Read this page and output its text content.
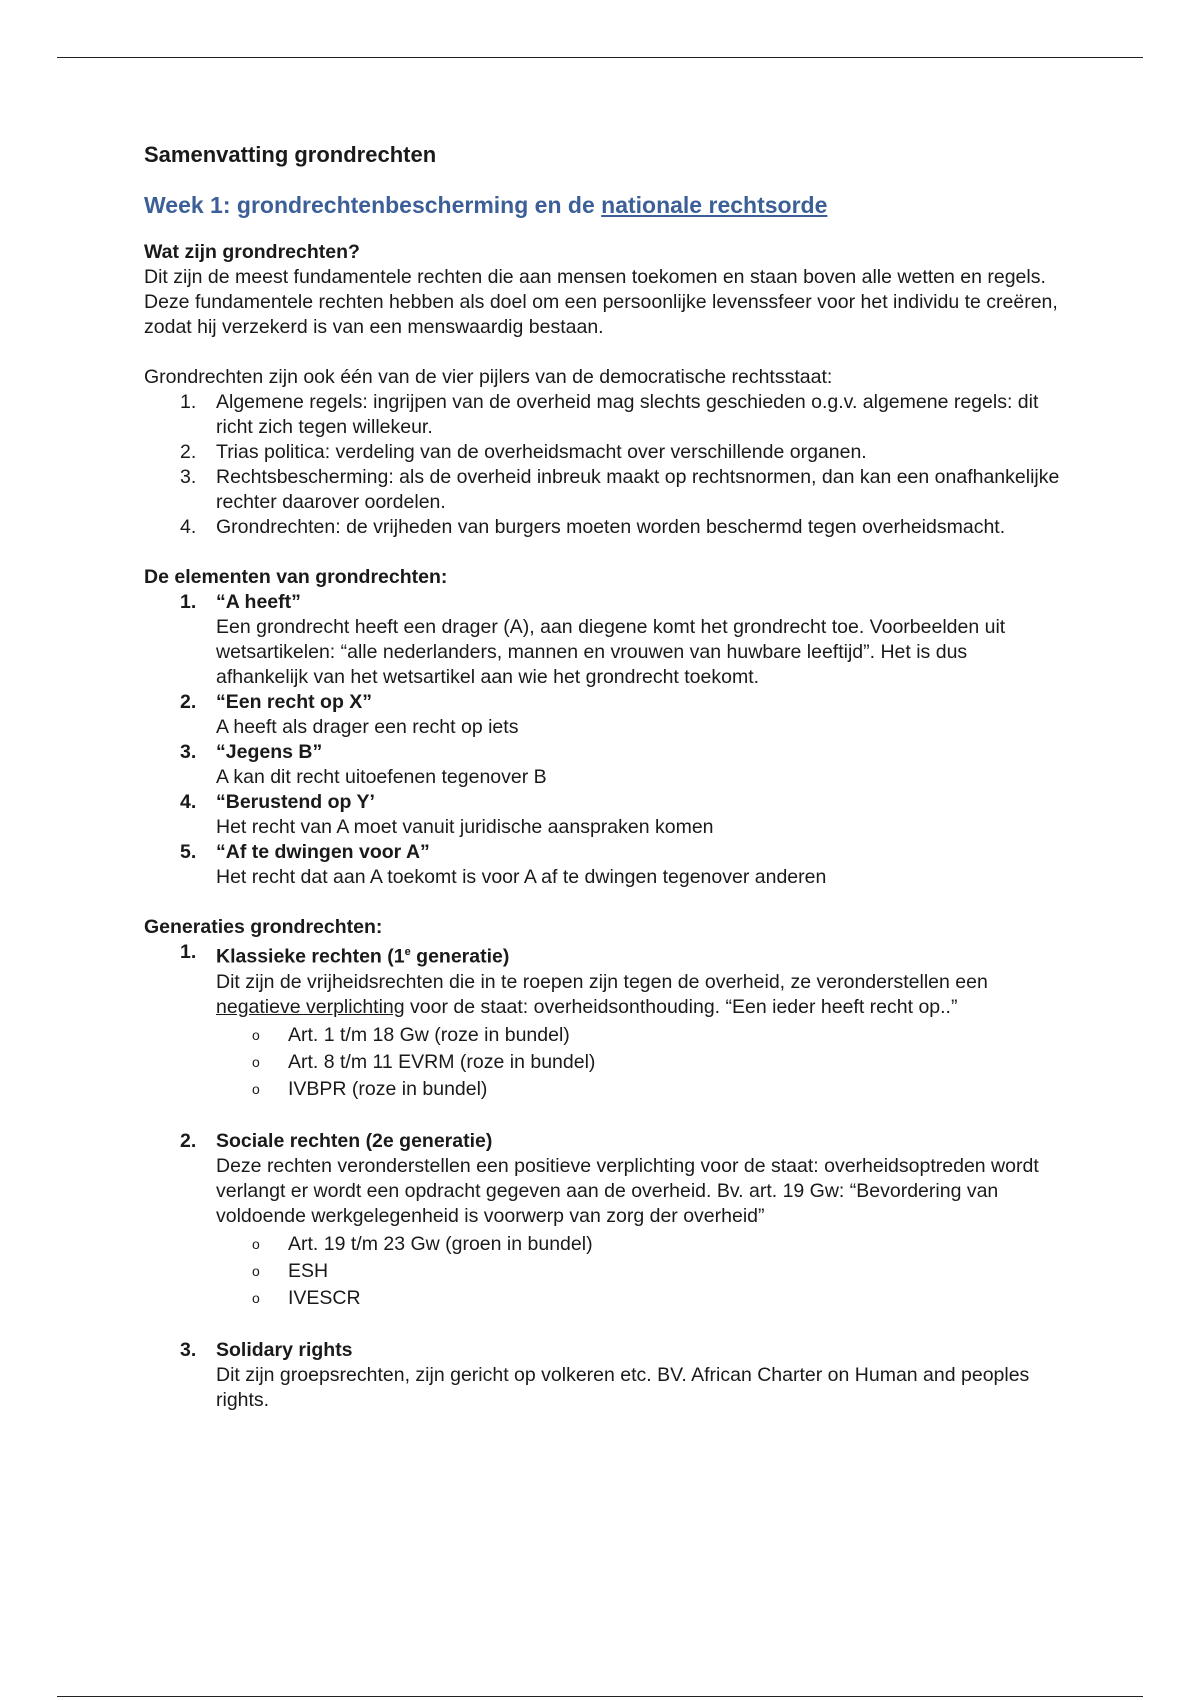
Samenvatting grondrechten
Week 1: grondrechtenbescherming en de nationale rechtsorde

Wat zijn grondrechten?

Dit zijn de meest fundamentele rechten die aan mensen toekomen en staan boven alle wetten en regels. Deze fundamentele rechten hebben als doel om een persoonlijke levenssfeer voor het individu te creëren, zodat hij verzekerd is van een menswaardig bestaan.

Grondrechten zijn ook één van de vier pijlers van de democratische rechtsstaat:

1.	Algemene regels: ingrijpen van de overheid mag slechts geschieden o.g.v. algemene regels: dit richt zich tegen willekeur.
2.	Trias politica: verdeling van de overheidsmacht over verschillende organen.
3.	Rechtsbescherming: als de overheid inbreuk maakt op rechtsnormen, dan kan een onafhankelijke rechter daarover oordelen.
4.	Grondrechten: de vrijheden van burgers moeten worden beschermd tegen overheidsmacht.

De elementen van grondrechten:

1.	“A heeft”
Een grondrecht heeft een drager (A), aan diegene komt het grondrecht toe. Voorbeelden uit wetsartikelen: “alle nederlanders, mannen en vrouwen van huwbare leeftijd”. Het is dus afhankelijk van het wetsartikel aan wie het grondrecht toekomt.
2.	“Een recht op X”
A heeft als drager een recht op iets
3.	“Jegens B”
A kan dit recht uitoefenen tegenover B
4.	“Berustend op Y’
Het recht van A moet vanuit juridische aanspraken komen
5.	“Af te dwingen voor A”
Het recht dat aan A toekomt is voor A af te dwingen tegenover anderen

Generaties grondrechten:

1.	Klassieke rechten (1e generatie)
Dit zijn de vrijheidsrechten die in te roepen zijn tegen de overheid, ze veronderstellen een negatieve verplichting voor de staat: overheidsonthouding. “Een ieder heeft recht op..”
o Art. 1 t/m 18 Gw (roze in bundel)
o Art. 8 t/m 11 EVRM (roze in bundel)
o IVBPR (roze in bundel)
2.	Sociale rechten (2e generatie)
Deze rechten veronderstellen een positieve verplichting voor de staat: overheidsoptreden wordt verlangt er wordt een opdracht gegeven aan de overheid. Bv. art. 19 Gw: “Bevordering van voldoende werkgelegenheid is voorwerp van zorg der overheid”
o Art. 19 t/m 23 Gw (groen in bundel)
o ESH
o IVESCR
3.	Solidary rights
Dit zijn groepsrechten, zijn gericht op volkeren etc. BV. African Charter on Human and peoples rights.
